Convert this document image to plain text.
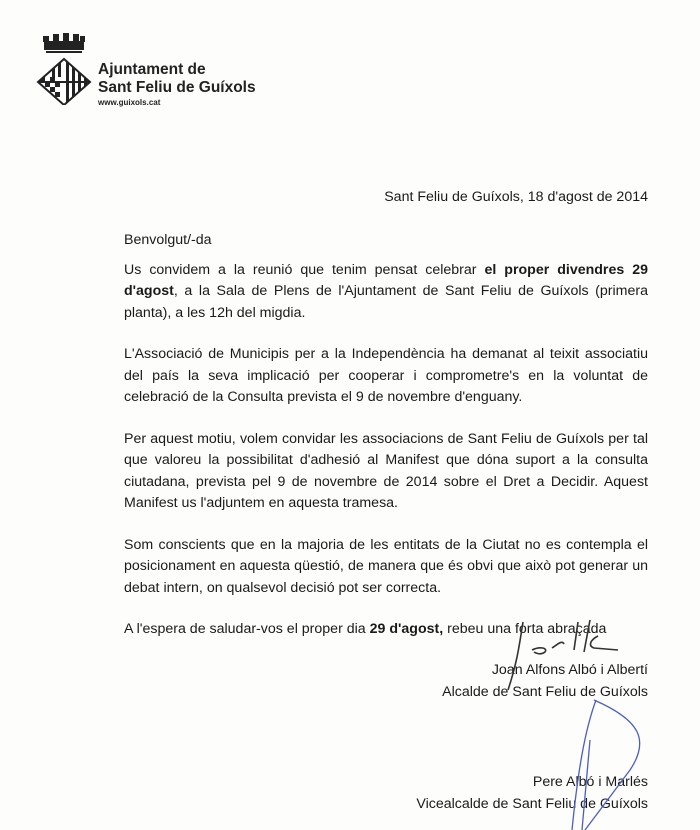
Ajuntament de
Sant Feliu de Guíxols
www.guixols.cat
Sant Feliu de Guíxols, 18 d'agost de 2014

Benvolgut/-da

Us convidem a la reunió que tenim pensat celebrar el proper divendres 29 d'agost, a la Sala de Plens de l'Ajuntament de Sant Feliu de Guíxols (primera planta), a les 12h del migdia.

L'Associació de Municipis per a la Independència ha demanat al teixit associatiu del país la seva implicació per cooperar i comprometre's en la voluntat de celebració de la Consulta prevista el 9 de novembre d'enguany.

Per aquest motiu, volem convidar les associacions de Sant Feliu de Guíxols per tal que valoreu la possibilitat d'adhesió al Manifest que dóna suport a la consulta ciutadana, prevista pel 9 de novembre de 2014 sobre el Dret a Decidir. Aquest Manifest us l'adjuntem en aquesta tramesa.

Som conscients que en la majoria de les entitats de la Ciutat no es contempla el posicionament en aquesta qüestió, de manera que és obvi que això pot generar un debat intern, on qualsevol decisió pot ser correcta.

A l'espera de saludar-vos el proper dia 29 d'agost, rebeu una forta abraçada

Joan Alfons Albó i Albertí
Alcalde de Sant Feliu de Guíxols
Pere Albó i Marlés
Vicealcalde de Sant Feliu de Guíxols
